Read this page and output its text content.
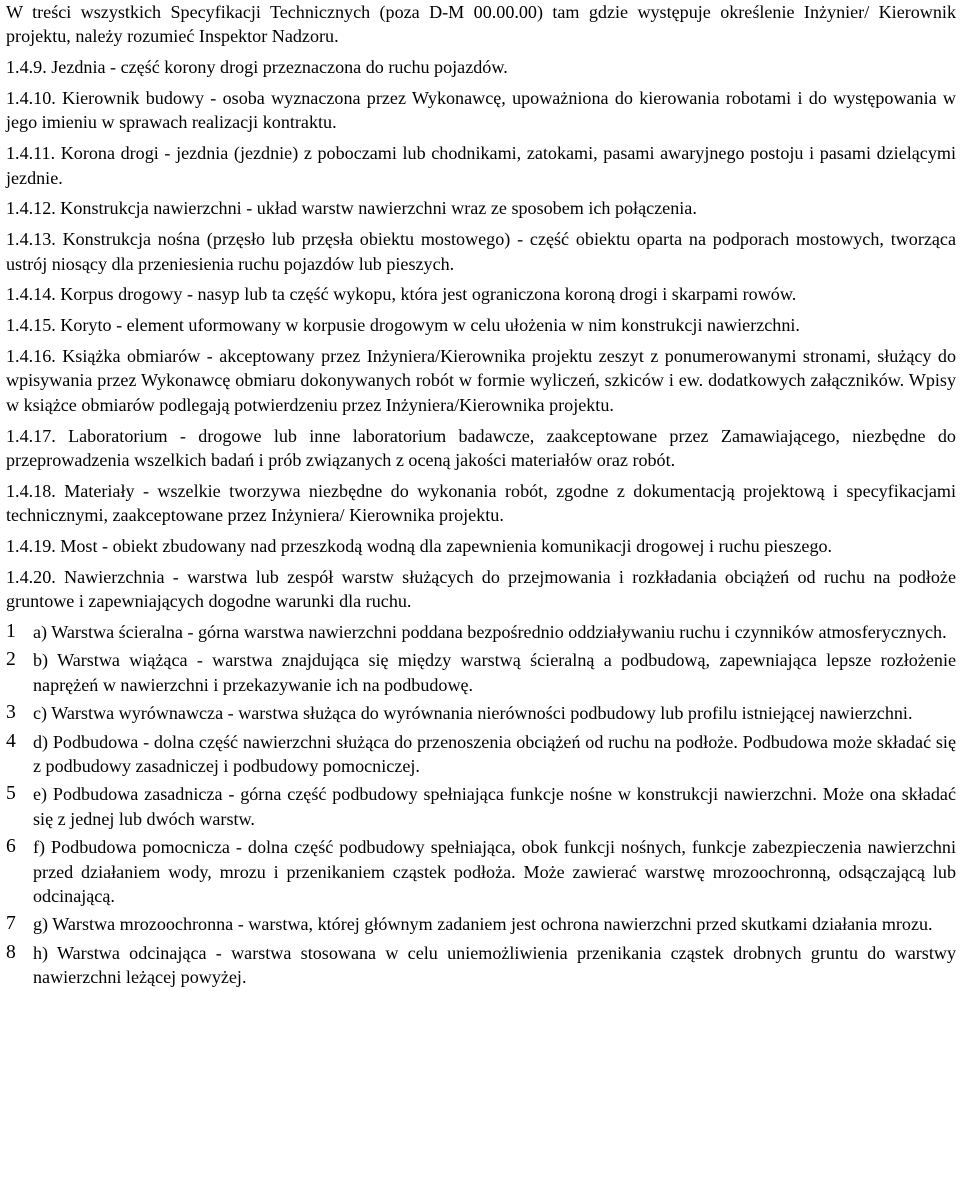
W treści wszystkich Specyfikacji Technicznych (poza D-M 00.00.00) tam gdzie występuje określenie Inżynier/ Kierownik projektu, należy rozumieć Inspektor Nadzoru.

1.4.9. Jezdnia - część korony drogi przeznaczona do ruchu pojazdów.

1.4.10. Kierownik budowy - osoba wyznaczona przez Wykonawcę, upoważniona do kierowania robotami i do występowania w jego imieniu w sprawach realizacji kontraktu.

1.4.11. Korona drogi - jezdnia (jezdnie) z poboczami lub chodnikami, zatokami, pasami awaryjnego postoju i pasami dzielącymi jezdnie.

1.4.12. Konstrukcja nawierzchni - układ warstw nawierzchni wraz ze sposobem ich połączenia.

1.4.13. Konstrukcja nośna (przęsło lub przęsła obiektu mostowego) - część obiektu oparta na podporach mostowych, tworząca ustrój niosący dla przeniesienia ruchu pojazdów lub pieszych.

1.4.14. Korpus drogowy - nasyp lub ta część wykopu, która jest ograniczona koroną drogi i skarpami rowów.

1.4.15. Koryto - element uformowany w korpusie drogowym w celu ułożenia w nim konstrukcji nawierzchni.

1.4.16. Książka obmiarów - akceptowany przez Inżyniera/Kierownika projektu zeszyt z ponumerowanymi stronami, służący do wpisywania przez Wykonawcę obmiaru dokonywanych robót w formie wyliczeń, szkiców i ew. dodatkowych załączników. Wpisy w książce obmiarów podlegają potwierdzeniu przez Inżyniera/Kierownika projektu.

1.4.17. Laboratorium - drogowe lub inne laboratorium badawcze, zaakceptowane przez Zamawiającego, niezbędne do przeprowadzenia wszelkich badań i prób związanych z oceną jakości materiałów oraz robót.

1.4.18. Materiały - wszelkie tworzywa niezbędne do wykonania robót, zgodne z dokumentacją projektową i specyfikacjami technicznymi, zaakceptowane przez Inżyniera/ Kierownika projektu.

1.4.19. Most - obiekt zbudowany nad przeszkodą wodną dla zapewnienia komunikacji drogowej i ruchu pieszego.

1.4.20. Nawierzchnia - warstwa lub zespół warstw służących do przejmowania i rozkładania obciążeń od ruchu na podłoże gruntowe i zapewniających dogodne warunki dla ruchu.

1 a) Warstwa ścieralna - górna warstwa nawierzchni poddana bezpośrednio oddziaływaniu ruchu i czynników atmosferycznych.
2 b) Warstwa wiążąca - warstwa znajdująca się między warstwą ścieralną a podbudową, zapewniająca lepsze rozłożenie naprężeń w nawierzchni i przekazywanie ich na podbudowę.
3 c) Warstwa wyrównawcza - warstwa służąca do wyrównania nierówności podbudowy lub profilu istniejącej nawierzchni.
4 d) Podbudowa - dolna część nawierzchni służąca do przenoszenia obciążeń od ruchu na podłoże. Podbudowa może składać się z podbudowy zasadniczej i podbudowy pomocniczej.
5 e) Podbudowa zasadnicza - górna część podbudowy spełniająca funkcje nośne w konstrukcji nawierzchni. Może ona składać się z jednej lub dwóch warstw.
6 f) Podbudowa pomocnicza - dolna część podbudowy spełniająca, obok funkcji nośnych, funkcje zabezpieczenia nawierzchni przed działaniem wody, mrozu i przenikaniem cząstek podłoża. Może zawierać warstwę mrozoochronną, odsączającą lub odcinającą.
7 g) Warstwa mrozoochronna - warstwa, której głównym zadaniem jest ochrona nawierzchni przed skutkami działania mrozu.
8 h) Warstwa odcinająca - warstwa stosowana w celu uniemożliwienia przenikania cząstek drobnych gruntu do warstwy nawierzchni leżącej powyżej.
